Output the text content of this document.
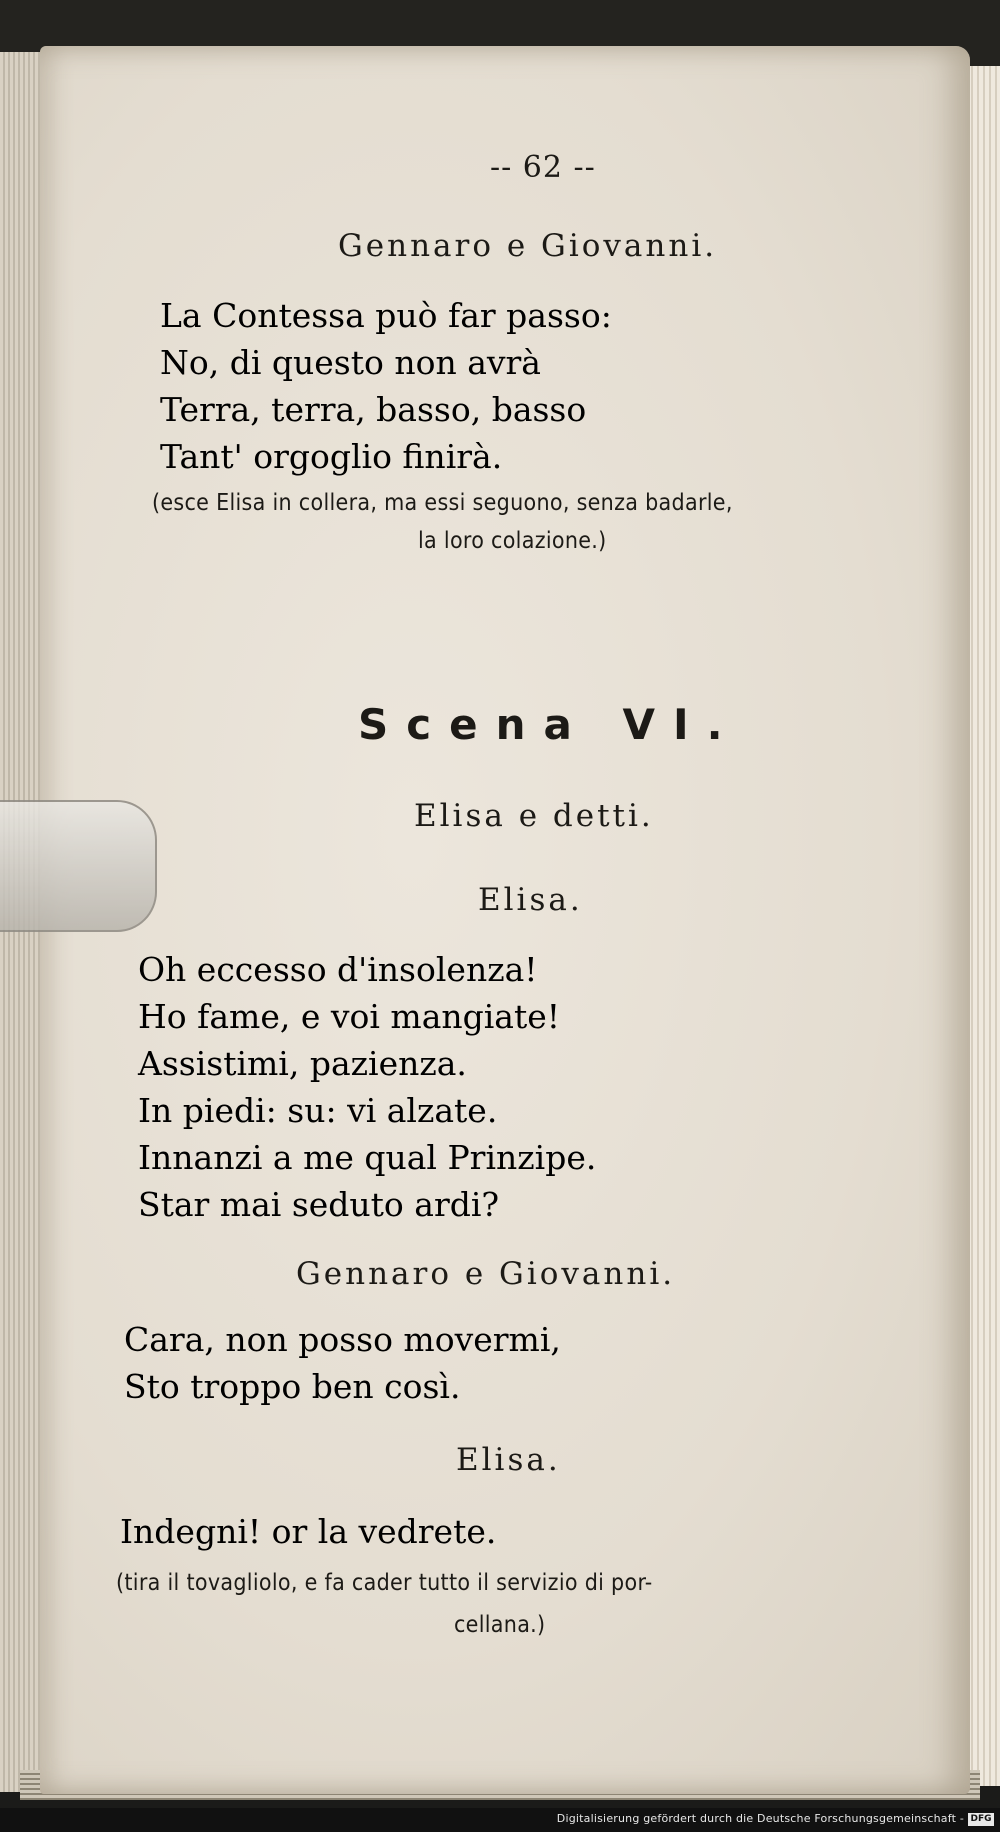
-- 62 --
Gennaro e Giovanni.
La Contessa può far passo:
No, di questo non avrà
Terra, terra, basso, basso
Tant' orgoglio finirà.
(esce Elisa in collera, ma essi seguono, senza badarle,
la loro colazione.)
Scena VI.
Elisa e detti.
Elisa.
Oh eccesso d'insolenza!
Ho fame, e voi mangiate!
Assistimi, pazienza.
In piedi: su: vi alzate.
Innanzi a me qual Prinzipe.
Star mai seduto ardi?
Gennaro e Giovanni.
Cara, non posso movermi,
Sto troppo ben così.
Elisa.
Indegni! or la vedrete.
(tira il tovagliolo, e fa cader tutto il servizio di por-
cellana.)
Digitalisierung gefördert durch die Deutsche Forschungsgemeinschaft - DFG
